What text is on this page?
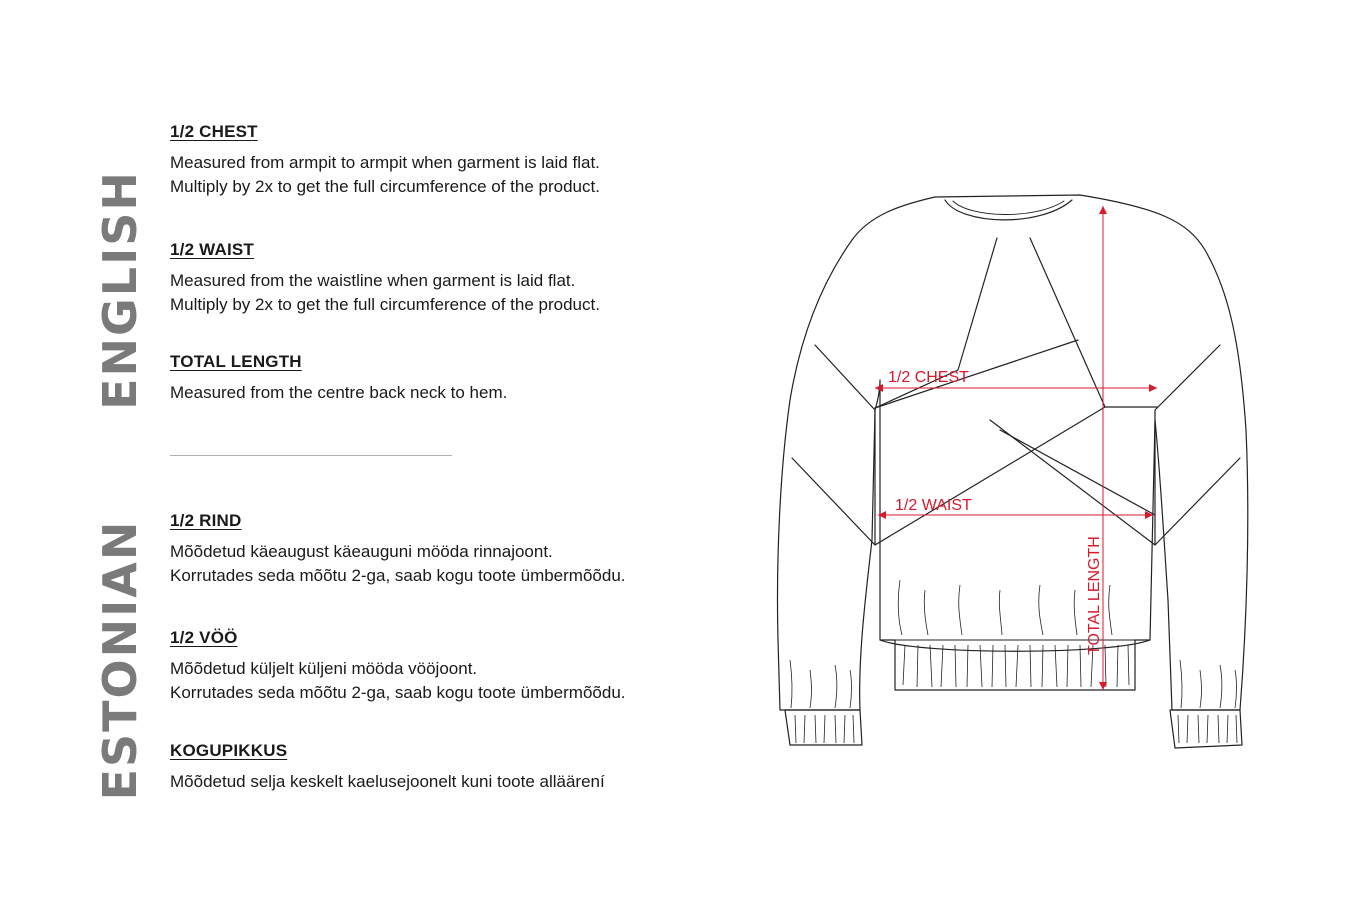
ENGLISH
ESTONIAN
1/2 CHEST

Measured from armpit to armpit when garment is laid flat.

Multiply by 2x to get the full circumference of the product.

1/2 WAIST

Measured from the waistline when garment is laid flat.

Multiply by 2x to get the full circumference of the product.

TOTAL LENGTH

Measured from the centre back neck to hem.

1/2 RIND

Mõõdetud käeaugust käeauguni mööda rinnajoont.

Korrutades seda mõõtu 2-ga, saab kogu toote ümbermõõdu.

1/2 VÖÖ

Mõõdetud küljelt küljeni mööda vööjoont.

Korrutades seda mõõtu 2-ga, saab kogu toote ümbermõõdu.

KOGUPIKKUS

Mõõdetud selja keskelt kaelusejoonelt kuni toote alläärení

1/2 CHEST
1/2 WAIST
TOTAL LENGTH
